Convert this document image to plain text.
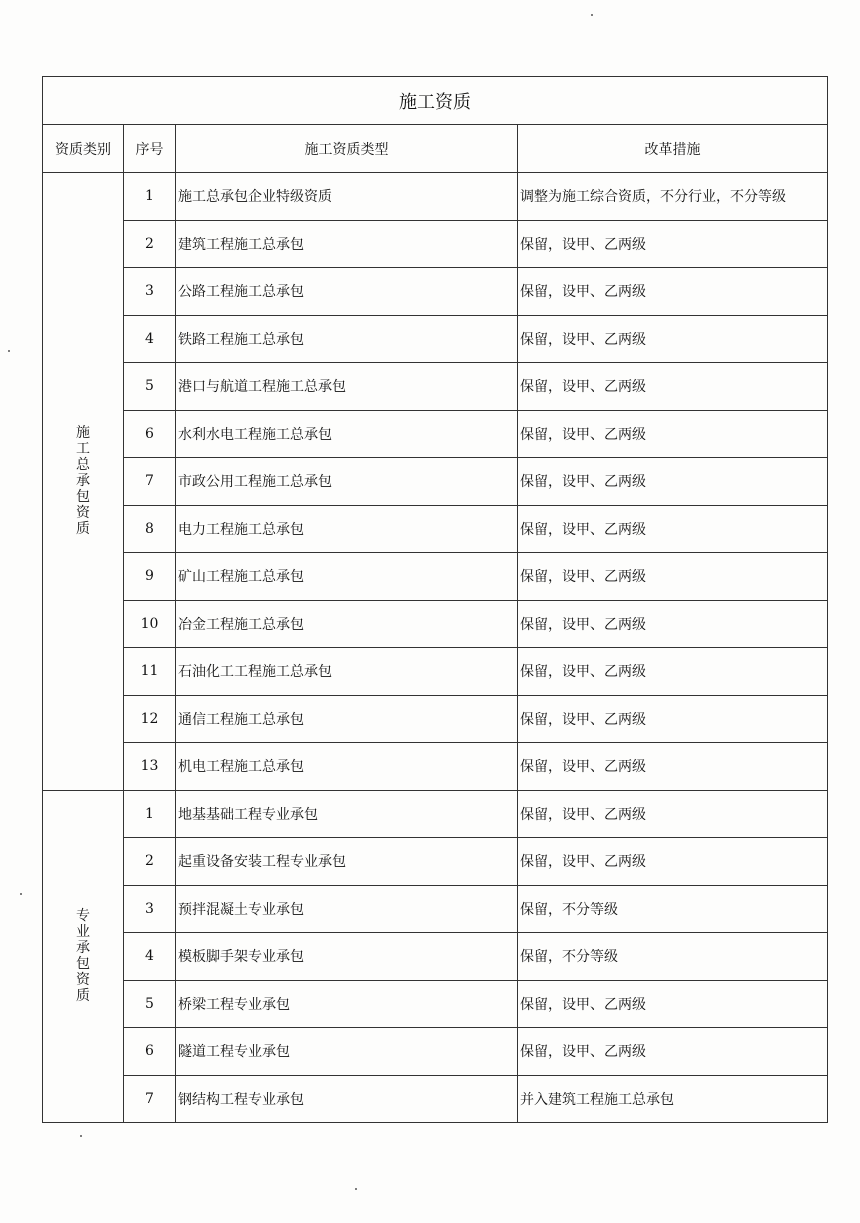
施工资质			
资质类别	序号	施工资质类型	改革措施
施工总承包资质	1	施工总承包企业特级资质	调整为施工综合资质，不分行业，不分等级
	2	建筑工程施工总承包	保留，设甲、乙两级
	3	公路工程施工总承包	保留，设甲、乙两级
	4	铁路工程施工总承包	保留，设甲、乙两级
	5	港口与航道工程施工总承包	保留，设甲、乙两级
	6	水利水电工程施工总承包	保留，设甲、乙两级
	7	市政公用工程施工总承包	保留，设甲、乙两级
	8	电力工程施工总承包	保留，设甲、乙两级
	9	矿山工程施工总承包	保留，设甲、乙两级
	10	冶金工程施工总承包	保留，设甲、乙两级
	11	石油化工工程施工总承包	保留，设甲、乙两级
	12	通信工程施工总承包	保留，设甲、乙两级
	13	机电工程施工总承包	保留，设甲、乙两级
专业承包资质	1	地基基础工程专业承包	保留，设甲、乙两级
	2	起重设备安装工程专业承包	保留，设甲、乙两级
	3	预拌混凝土专业承包	保留，不分等级
	4	模板脚手架专业承包	保留，不分等级
	5	桥梁工程专业承包	保留，设甲、乙两级
	6	隧道工程专业承包	保留，设甲、乙两级
	7	钢结构工程专业承包	并入建筑工程施工总承包
